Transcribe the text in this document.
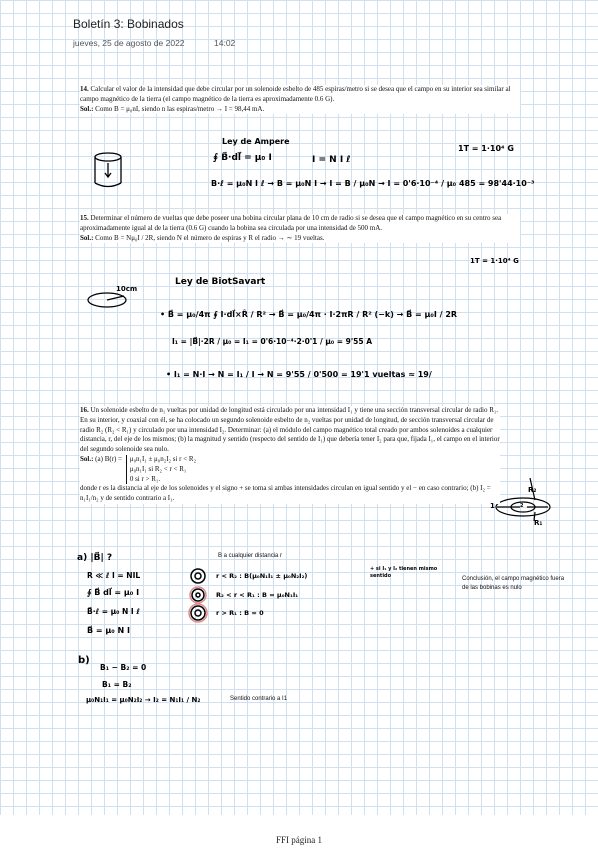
Boletín 3: Bobinados
jueves, 25 de agosto de 2022	14:02
14. Calcular el valor de la intensidad que debe circular por un solenoide esbelto de 485 espiras/metro si se desea que el campo en su interior sea similar al campo magnético de la tierra (el campo magnético de la tierra es aproximadamente 0.6 G).
Sol.: Como B = μ₀nI, siendo n las espiras/metro → I = 98,44 mA.
Ley de Ampere
∮ B⃗·dl⃗ = μ₀ I	I = N I ℓ
1T = 1·10⁴ G
B·ℓ = μ₀N I ℓ → B = μ₀N I → I = B / μ₀N → I = 0'6·10⁻⁴ / μ₀ 485 = 98'44·10⁻³
15. Determinar el número de vueltas que debe poseer una bobina circular plana de 10 cm de radio si se desea que el campo magnético en su centro sea aproximadamente igual al de la tierra (0.6 G) cuando la bobina sea circulada por una intensidad de 500 mA.
Sol.: Como B = Nμ₀I / 2R, siendo N el número de espiras y R el radio → ∼ 19 vueltas.
1T = 1·10⁴ G
Ley de BiotSavart
10cm
• B⃗ = μ₀/4π ∮ I·dl⃗×R̂ / R² → B⃗ = μ₀/4π · I·2πR / R² (−k) → B⃗ = μ₀I / 2R
I₁ = |B⃗|·2R / μ₀ = I₁ = 0'6·10⁻⁴·2·0'1 / μ₀ = 9'55 A
• I₁ = N·I → N = I₁ / I → N = 9'55 / 0'500 = 19'1 vueltas ≈ 19/
16. Un solenoide esbelto de n₁ vueltas por unidad de longitud está circulado por una intensidad I₁ y tiene una sección transversal circular de radio R₁. En su interior, y coaxial con él, se ha colocado un segundo solenoide esbelto de n₂ vueltas por unidad de longitud, de sección transversal circular de radio R₂ (R₂ < R₁) y circulado por una intensidad I₂. Determinar: (a) el módulo del campo magnético total creado por ambos solenoides a cualquier distancia, r, del eje de los mismos; (b) la magnitud y sentido (respecto del sentido de I₁) que debería tener I₂ para que, fijada I₁, el campo en el interior del segundo solenoide sea nulo.
Sol.: (a) B(r) = μ₀n₁I₁ ± μ₀n₂I₂ si r < R₂
μ₀n₁I₁ si R₂ < r < R₁
0 si r > R₁.

donde r es la distancia al eje de los solenoides y el signo + se toma si ambas intensidades circulan en igual sentido y el − en caso contrario; (b) I₂ = n₁I₁/n₂ y de sentido contrario a I₁.
R₂
R₁
1	2
a) |B⃗| ?
R ≪ ℓ I = NIL
∮ B⃗ dl⃗ = μ₀ I
B⃗·ℓ = μ₀ N I ℓ
B⃗ = μ₀ N I
B a cualquier distancia r
r < R₂ : B(μ₀N₁I₁ ± μ₀N₂I₂)
R₂ < r < R₁ : B = μ₀N₁I₁
r > R₁ : B = 0
+ si I₁ y I₂ tienen mismo sentido	Conclusión, el campo magnético fuera de las bobinas es nulo
b)
B₁ − B₂ = 0
B₁ = B₂
μ₀N₁I₁ = μ₀N₂I₂ → I₂ = N₁I₁ / N₂	Sentido contrario a I1
FFI página 1
